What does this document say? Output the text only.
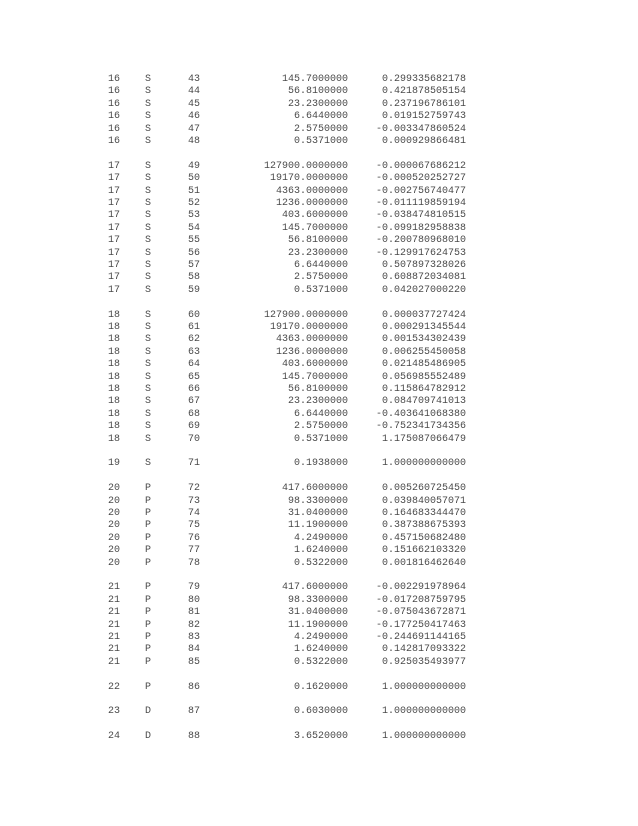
16	S	43	145.7000000	0.299335682178
16	S	44	56.8100000	0.421878505154
16	S	45	23.2300000	0.237196786101
16	S	46	6.6440000	0.019152759743
16	S	47	2.5750000	-0.003347860524
16	S	48	0.5371000	0.000929866481
17	S	49	127900.0000000	-0.000067686212
17	S	50	19170.0000000	-0.000520252727
17	S	51	4363.0000000	-0.002756740477
17	S	52	1236.0000000	-0.011119859194
17	S	53	403.6000000	-0.038474810515
17	S	54	145.7000000	-0.099182958838
17	S	55	56.8100000	-0.200780968010
17	S	56	23.2300000	-0.129917624753
17	S	57	6.6440000	0.507897328026
17	S	58	2.5750000	0.608872034081
17	S	59	0.5371000	0.042027000220
18	S	60	127900.0000000	0.000037727424
18	S	61	19170.0000000	0.000291345544
18	S	62	4363.0000000	0.001534302439
18	S	63	1236.0000000	0.006255450058
18	S	64	403.6000000	0.021485486905
18	S	65	145.7000000	0.056985552489
18	S	66	56.8100000	0.115864782912
18	S	67	23.2300000	0.084709741013
18	S	68	6.6440000	-0.403641068380
18	S	69	2.5750000	-0.752341734356
18	S	70	0.5371000	1.175087066479
19	S	71	0.1938000	1.000000000000
20	P	72	417.6000000	0.005260725450
20	P	73	98.3300000	0.039840057071
20	P	74	31.0400000	0.164683344470
20	P	75	11.1900000	0.387388675393
20	P	76	4.2490000	0.457150682480
20	P	77	1.6240000	0.151662103320
20	P	78	0.5322000	0.001816462640
21	P	79	417.6000000	-0.002291978964
21	P	80	98.3300000	-0.017208759795
21	P	81	31.0400000	-0.075043672871
21	P	82	11.1900000	-0.177250417463
21	P	83	4.2490000	-0.244691144165
21	P	84	1.6240000	0.142817093322
21	P	85	0.5322000	0.925035493977
22	P	86	0.1620000	1.000000000000
23	D	87	0.6030000	1.000000000000
24	D	88	3.6520000	1.000000000000
